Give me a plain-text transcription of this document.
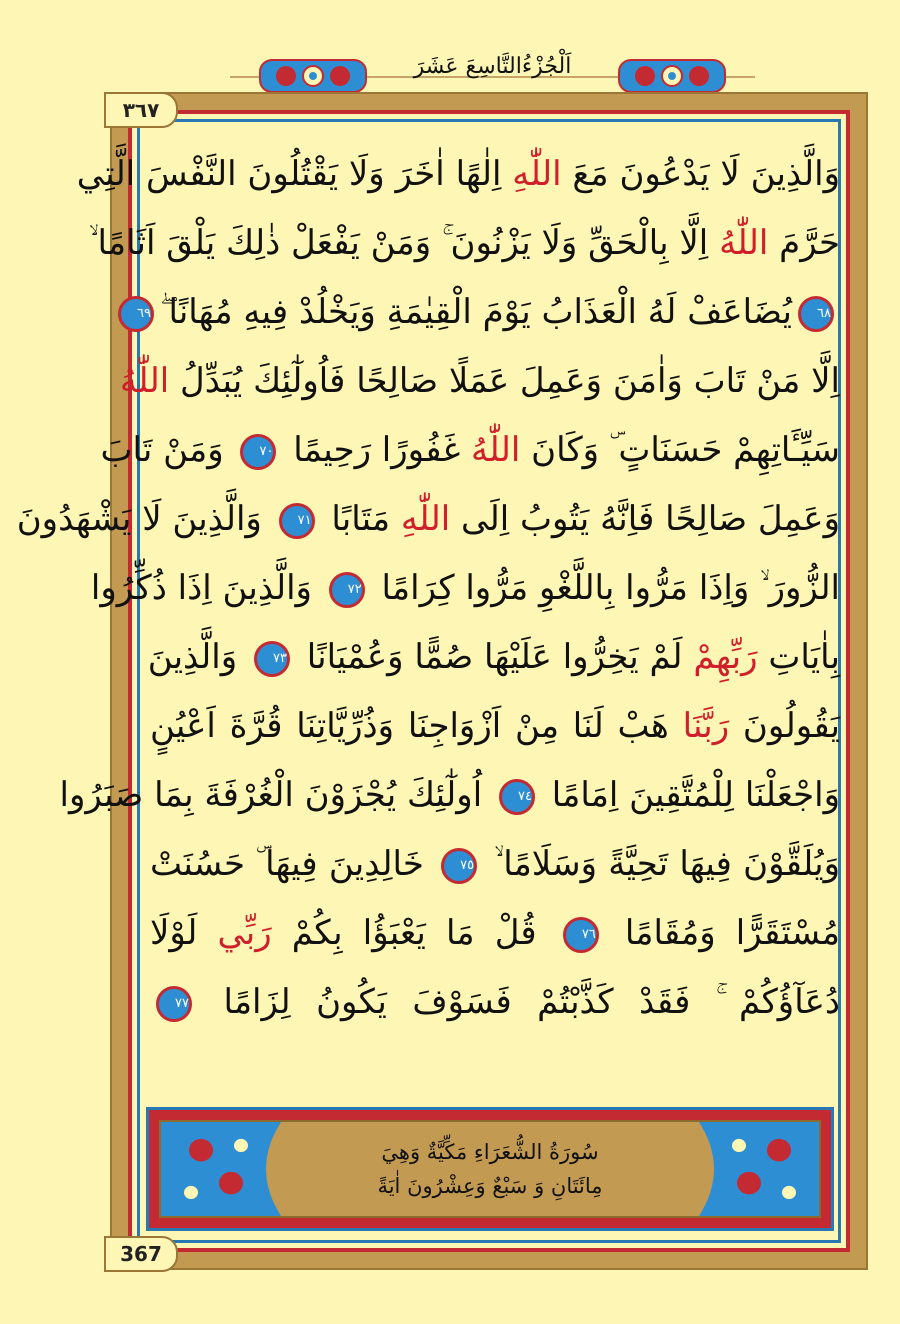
اَلْجُزْءُالتَّاسِعَ عَشَرَ
٣٦٧
367
وَالَّذِينَ لَا يَدْعُونَ مَعَ اللّٰهِ اِلٰهًا اٰخَرَ وَلَا يَقْتُلُونَ النَّفْسَ الَّتِي
حَرَّمَ اللّٰهُ اِلَّا بِالْحَقِّ وَلَا يَزْنُونَ ۚ وَمَنْ يَفْعَلْ ذٰلِكَ يَلْقَ اَثَامًا ۙ
٦٨يُضَاعَفْ لَهُ الْعَذَابُ يَوْمَ الْقِيٰمَةِ وَيَخْلُدْ فِيهِ مُهَانًا ۖ٦٩
اِلَّا مَنْ تَابَ وَاٰمَنَ وَعَمِلَ عَمَلًا صَالِحًا فَاُولٰٓئِكَ يُبَدِّلُ اللّٰهُ
سَيِّـَٔاتِهِمْ حَسَنَاتٍ ۜ وَكَانَ اللّٰهُ غَفُورًا رَحِيمًا ٧٠ وَمَنْ تَابَ
وَعَمِلَ صَالِحًا فَاِنَّهُ يَتُوبُ اِلَى اللّٰهِ مَتَابًا ٧١ وَالَّذِينَ لَا يَشْهَدُونَ
الزُّورَ ۙ وَاِذَا مَرُّوا بِاللَّغْوِ مَرُّوا كِرَامًا ٧٢ وَالَّذِينَ اِذَا ذُكِّرُوا
بِاٰيَاتِ رَبِّهِمْ لَمْ يَخِرُّوا عَلَيْهَا صُمًّا وَعُمْيَانًا ٧٣ وَالَّذِينَ
يَقُولُونَ رَبَّنَا هَبْ لَنَا مِنْ اَزْوَاجِنَا وَذُرِّيَّاتِنَا قُرَّةَ اَعْيُنٍ
وَاجْعَلْنَا لِلْمُتَّقِينَ اِمَامًا ٧٤ اُولٰٓئِكَ يُجْزَوْنَ الْغُرْفَةَ بِمَا صَبَرُوا
وَيُلَقَّوْنَ فِيهَا تَحِيَّةً وَسَلَامًا ۙ ٧٥ خَالِدِينَ فِيهَا ۜ حَسُنَتْ
مُسْتَقَرًّا وَمُقَامًا ٧٦ قُلْ مَا يَعْبَؤُا بِكُمْ رَبِّي لَوْلَا
دُعَآؤُكُمْ ۚ فَقَدْ كَذَّبْتُمْ فَسَوْفَ يَكُونُ لِزَامًا ٧٧
سُورَةُ الشُّعَرَاءِ مَكِّيَّةٌ وَهِيَ
مِائَتَانِ وَ سَبْعٌ وَعِشْرُونَ اٰيَةً
